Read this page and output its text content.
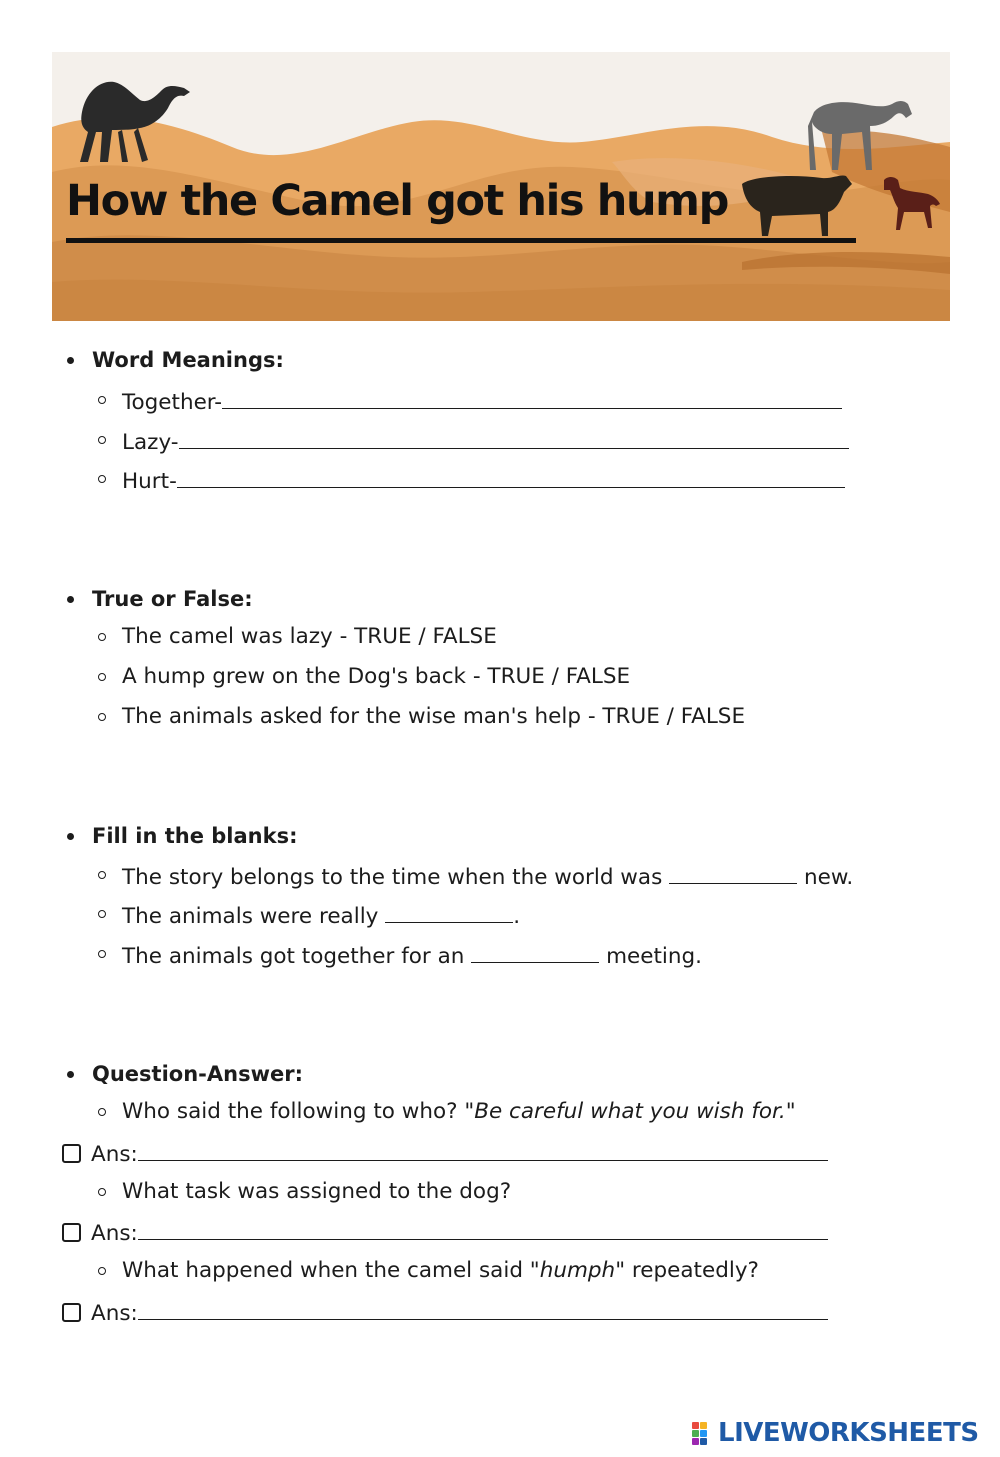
How the Camel got his hump
Word Meanings:
Together-
Lazy-
Hurt-
True or False:
The camel was lazy - TRUE / FALSE
A hump grew on the Dog's back - TRUE / FALSE
The animals asked for the wise man's help - TRUE / FALSE
Fill in the blanks:
The story belongs to the time when the world was	new.
The animals were really	.
The animals got together for an	meeting.
Question-Answer:
Who said the following to who? "Be careful what you wish for."
Ans:
What task was assigned to the dog?
Ans:
What happened when the camel said "humph" repeatedly?
Ans:
LIVEWORKSHEETS
